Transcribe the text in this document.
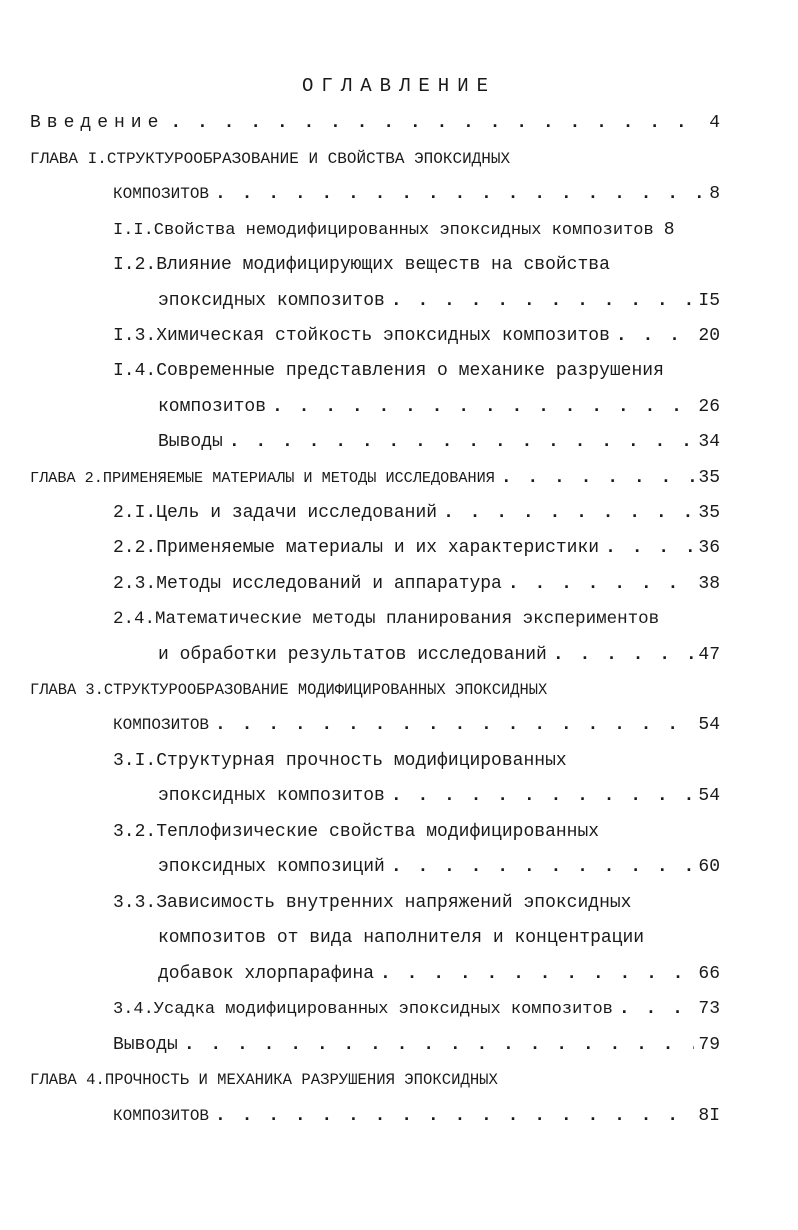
ОГЛАВЛЕНИЕ
Введение . . .	4
ГЛАВА I.СТРУКТУРООБРАЗОВАНИЕ И СВОЙСТВА ЭПОКСИДНЫХ
КОМПОЗИТОВ . . .	8
I.I.Свойства немодифицированных эпоксидных композитов 8
I.2.Влияние модифицирующих веществ на свойства
эпоксидных композитов . . .	I5
I.3.Химическая стойкость эпоксидных композитов . . .	20
I.4.Современные представления о механике разрушения
композитов . . .	26
Выводы . . .	34
ГЛАВА 2.ПРИМЕНЯЕМЫЕ МАТЕРИАЛЫ И МЕТОДЫ ИССЛЕДОВАНИЯ . . .	35
2.I.Цель и задачи исследований . . .	35
2.2.Применяемые материалы и их характеристики . . .	36
2.3.Методы исследований и аппаратура . . .	38
2.4.Математические методы планирования экспериментов
и обработки результатов исследований . . .	47
ГЛАВА 3.СТРУКТУРООБРАЗОВАНИЕ МОДИФИЦИРОВАННЫХ ЭПОКСИДНЫХ
КОМПОЗИТОВ . . .	54
3.I.Структурная прочность модифицированных
эпоксидных композитов . . .	54
3.2.Теплофизические свойства модифицированных
эпоксидных композиций . . .	60
3.3.Зависимость внутренних напряжений эпоксидных
композитов от вида наполнителя и концентрации
добавок хлорпарафина . . .	66
3.4.Усадка модифицированных эпоксидных композитов . . .	73
Выводы . . .	79
ГЛАВА 4.ПРОЧНОСТЬ И МЕХАНИКА РАЗРУШЕНИЯ ЭПОКСИДНЫХ
КОМПОЗИТОВ . . .	8I
